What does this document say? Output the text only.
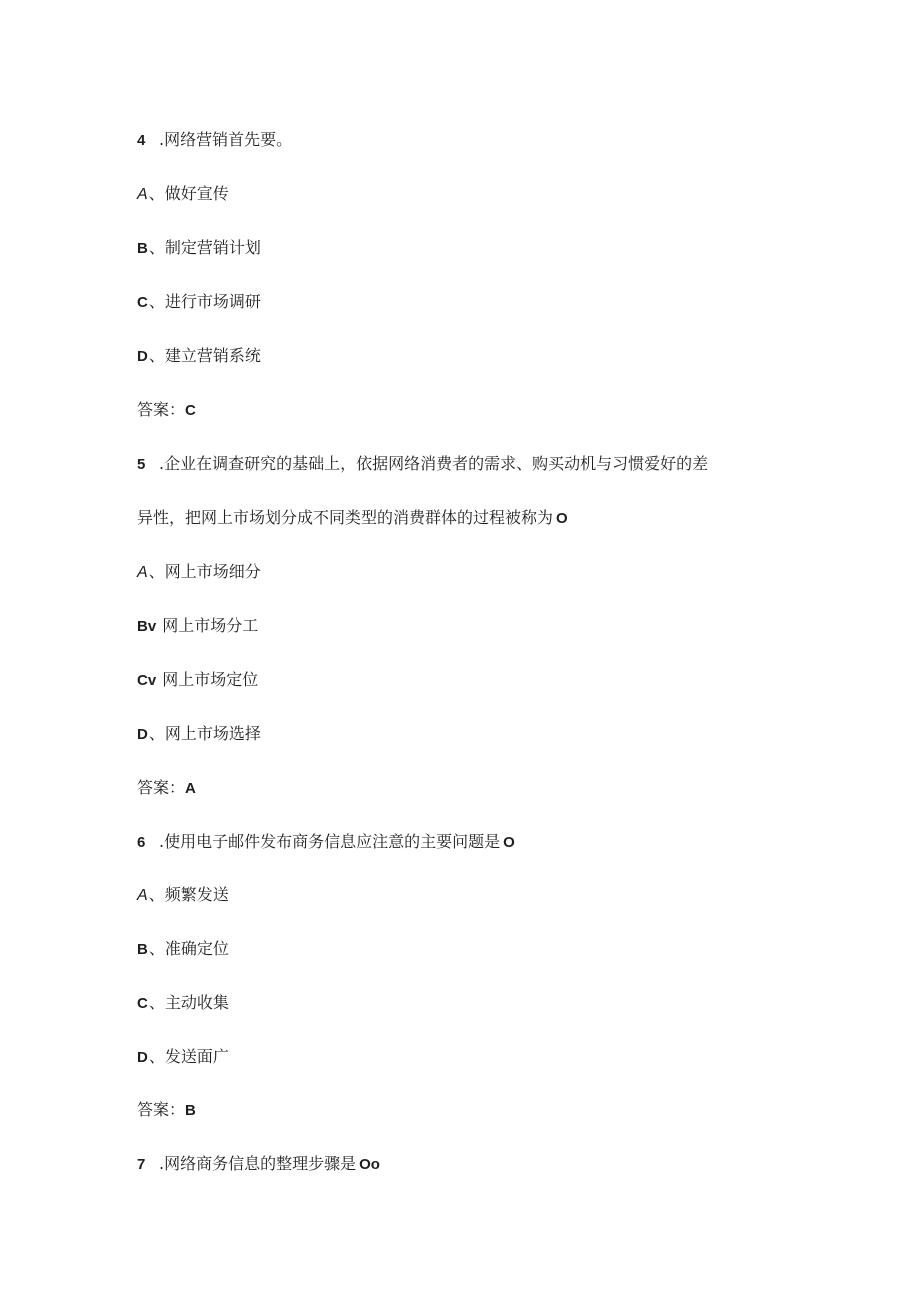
4 .网络营销首先要。
A、做好宣传
B、制定营销计划
C、进行市场调研
D、建立营销系统
答案：C
5 .企业在调查研究的基础上，依据网络消费者的需求、购买动机与习惯爱好的差
异性，把网上市场划分成不同类型的消费群体的过程被称为 O
A、网上市场细分
Bv 网上市场分工
Cv 网上市场定位
D、网上市场选择
答案：A
6 .使用电子邮件发布商务信息应注意的主要问题是 O
A、频繁发送
B、准确定位
C、主动收集
D、发送面广
答案：B
7 .网络商务信息的整理步骤是 Oo
